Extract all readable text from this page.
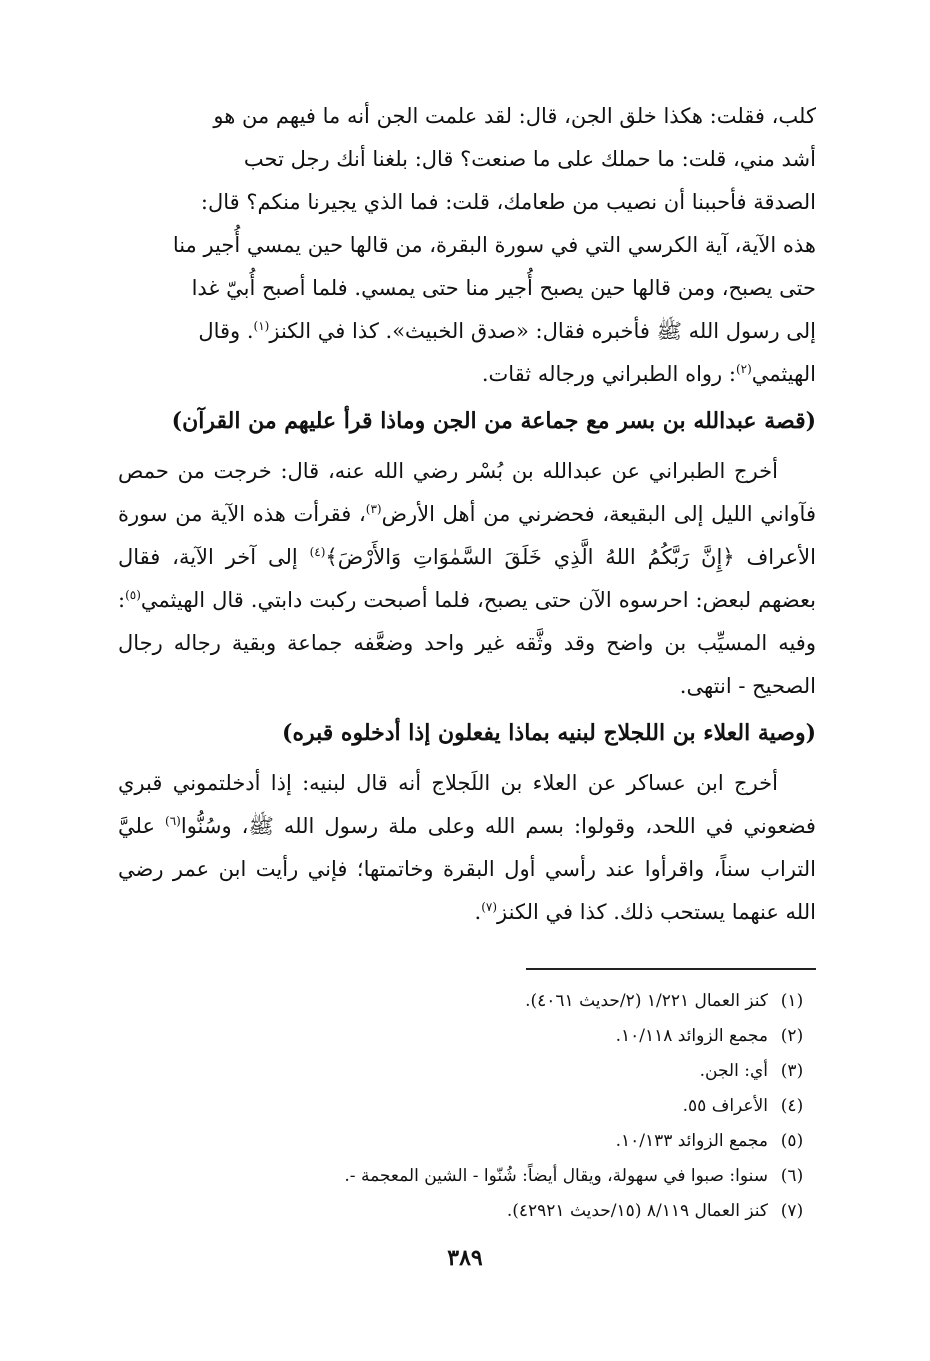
كلب، فقلت: هكذا خلق الجن، قال: لقد علمت الجن أنه ما فيهم من هو

أشد مني، قلت: ما حملك على ما صنعت؟ قال: بلغنا أنك رجل تحب

الصدقة فأحببنا أن نصيب من طعامك، قلت: فما الذي يجيرنا منكم؟ قال:

هذه الآية، آية الكرسي التي في سورة البقرة، من قالها حين يمسي أُجير منا

حتى يصبح، ومن قالها حين يصبح أُجير منا حتى يمسي. فلما أصبح أُبيّ غدا

إلى رسول الله ﷺ فأخبره فقال: «صدق الخبيث». كذا في الكنز$^{(١)}$. وقال

الهيثمي$^{(٢)}$: رواه الطبراني ورجاله ثقات.

(قصة عبدالله بن بسر مع جماعة من الجن وماذا قرأ عليهم من القرآن)

أخرج الطبراني عن عبدالله بن بُسْر رضي الله عنه، قال: خرجت من حمص فآواني الليل إلى البقيعة، فحضرني من أهل الأرض$^{(٣)}$، فقرأت هذه الآية من سورة الأعراف ﴿إِنَّ رَبَّكُمُ اللهُ الَّذِي خَلَقَ السَّمٰوَاتِ وَالأَرْضَ﴾$^{(٤)}$ إلى آخر الآية، فقال بعضهم لبعض: احرسوه الآن حتى يصبح، فلما أصبحت ركبت دابتي. قال الهيثمي$^{(٥)}$: وفيه المسيِّب بن واضح وقد وثَّقه غير واحد وضعَّفه جماعة وبقية رجاله رجال الصحيح - انتهى.

(وصية العلاء بن اللجلاج لبنيه بماذا يفعلون إذا أدخلوه قبره)

أخرج ابن عساكر عن العلاء بن اللَجلاج أنه قال لبنيه: إذا أدخلتموني قبري فضعوني في اللحد، وقولوا: بسم الله وعلى ملة رسول الله ﷺ، وسُنُّوا$^{(٦)}$ عليَّ التراب سناً، واقرأوا عند رأسي أول البقرة وخاتمتها؛ فإني رأيت ابن عمر رضي الله عنهما يستحب ذلك. كذا في الكنز$^{(٧)}$.

(١)
كنز العمال ١/٢٢١ (٢/حديث ٤٠٦١).
(٢)
مجمع الزوائد ١٠/١١٨.
(٣)
أي: الجن.
(٤)
الأعراف ٥٥.
(٥)
مجمع الزوائد ١٠/١٣٣.
(٦)
سنوا: صبوا في سهولة، ويقال أيضاً: شُنّوا - الشين المعجمة -.
(٧)
كنز العمال ٨/١١٩ (١٥/حديث ٤٢٩٢١).
٣٨٩
